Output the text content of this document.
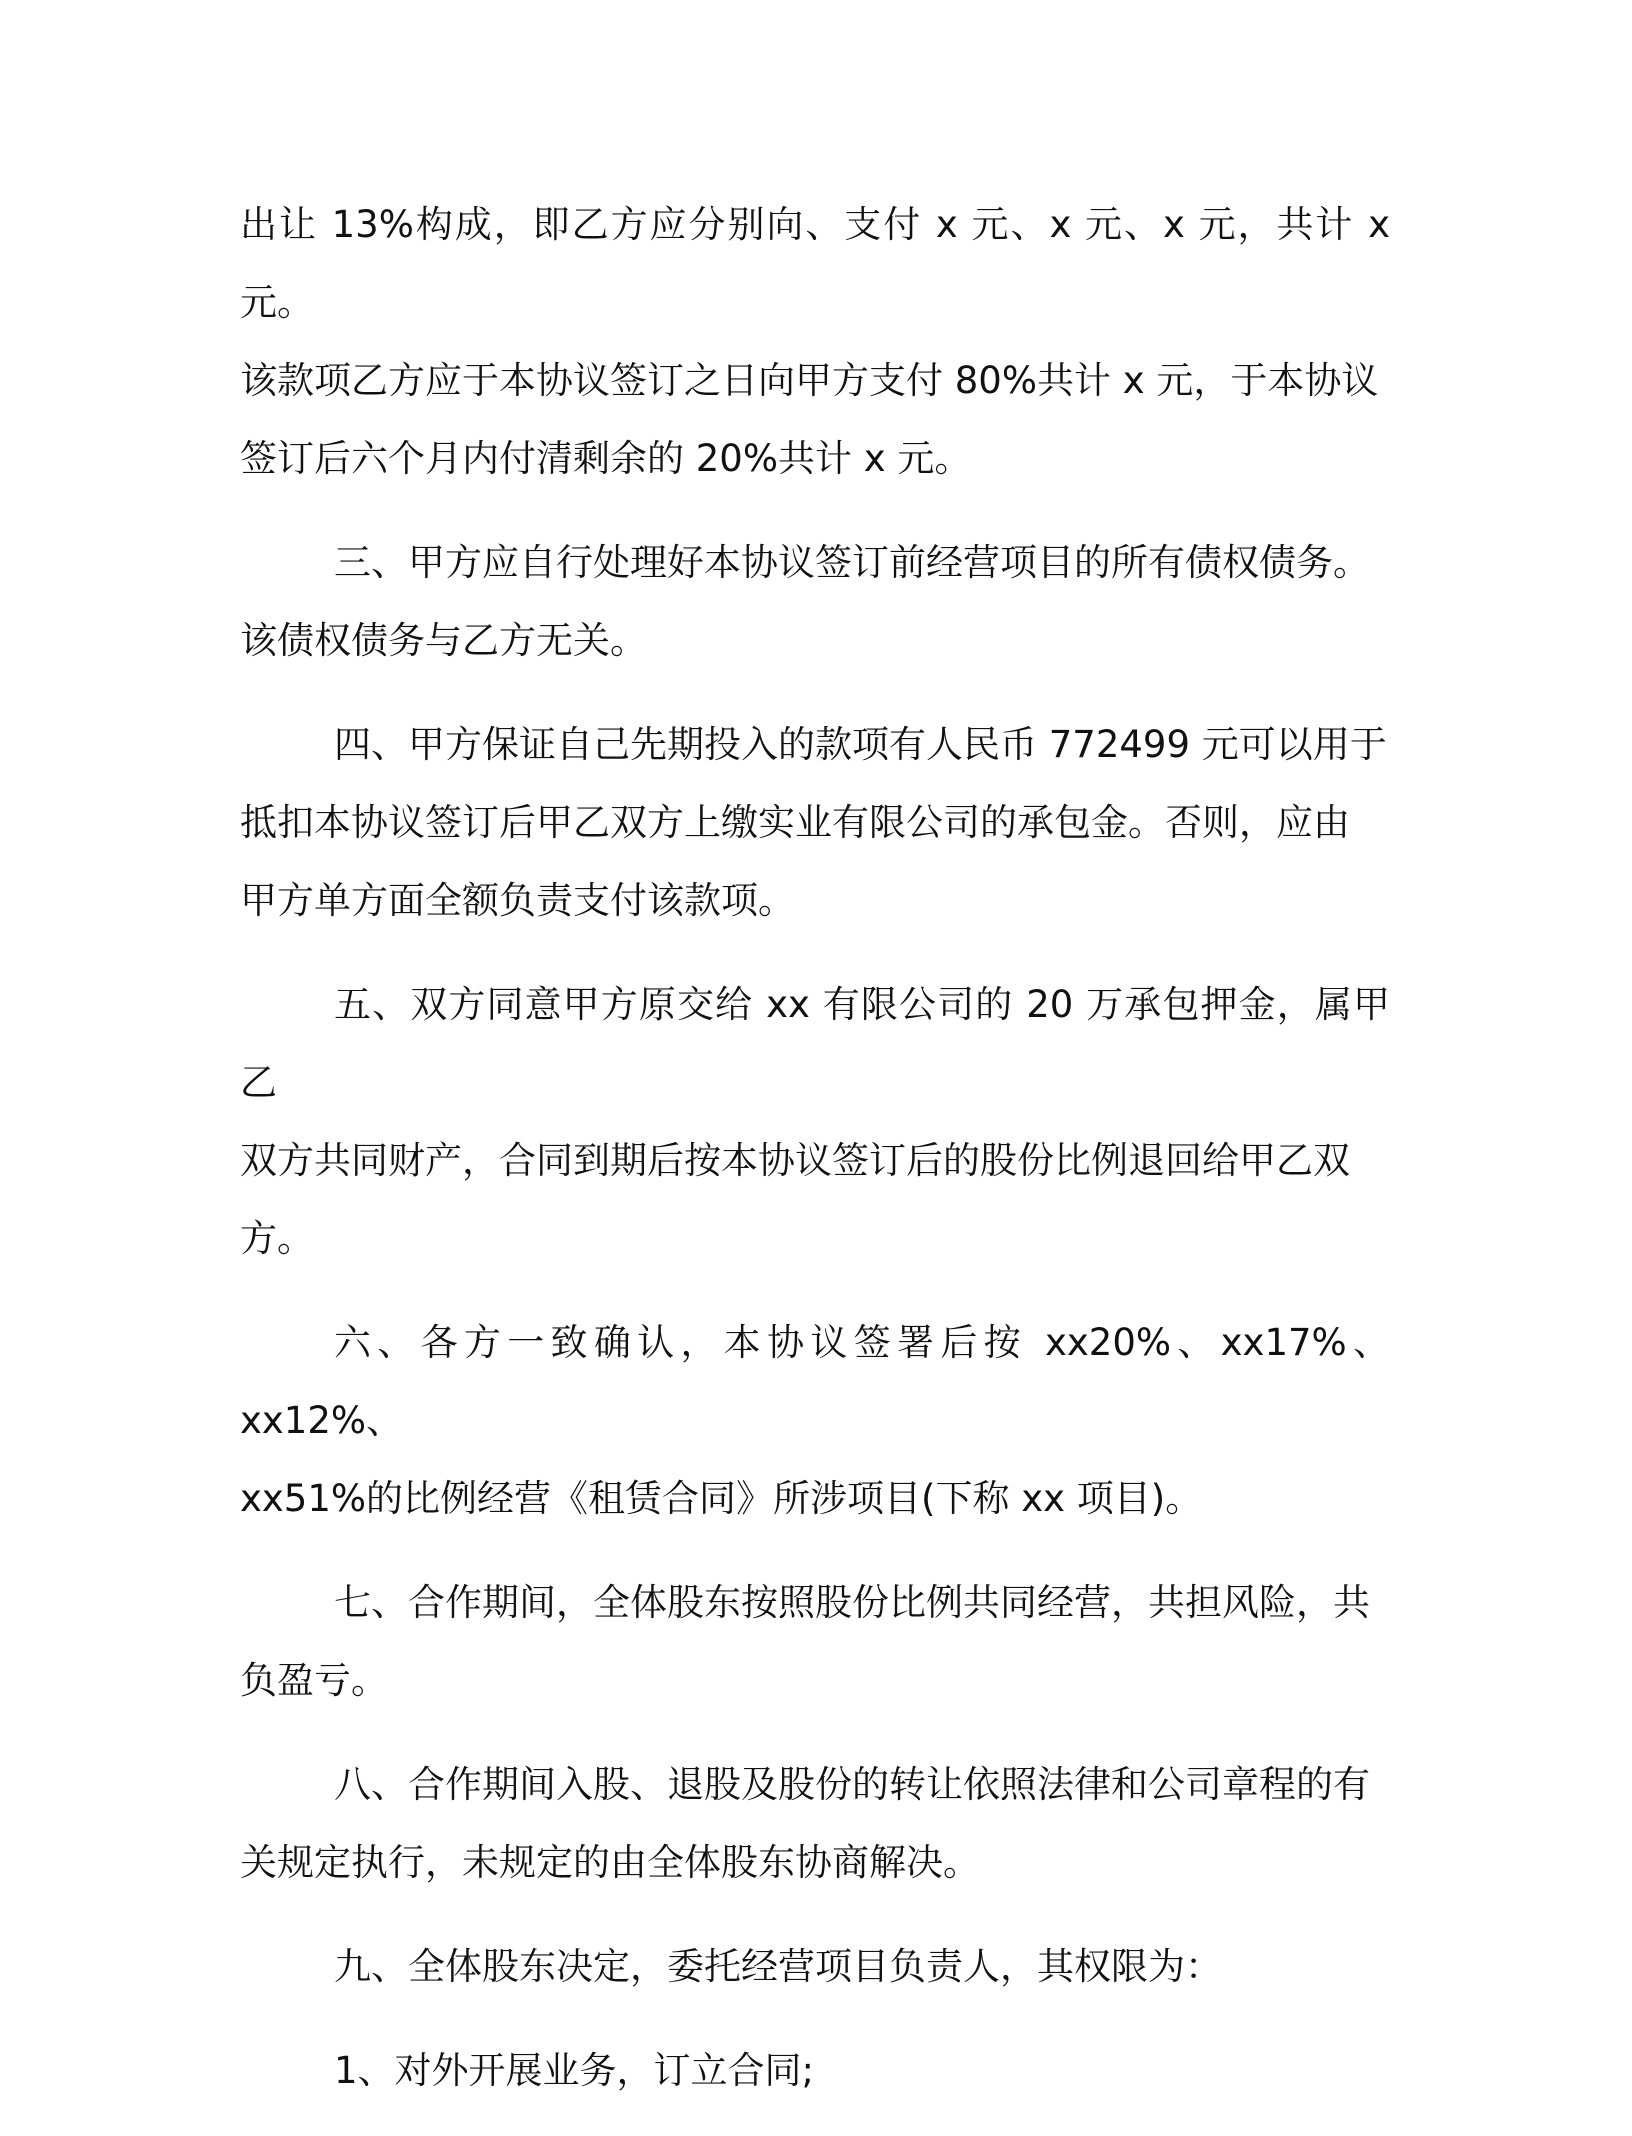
出让 13%构成，即乙方应分别向、支付 x 元、x 元、x 元，共计 x 元。
该款项乙方应于本协议签订之日向甲方支付 80%共计 x 元，于本协议
签订后六个月内付清剩余的 20%共计 x 元。

三、甲方应自行处理好本协议签订前经营项目的所有债权债务。
该债权债务与乙方无关。

四、甲方保证自己先期投入的款项有人民币 772499 元可以用于
抵扣本协议签订后甲乙双方上缴实业有限公司的承包金。否则，应由
甲方单方面全额负责支付该款项。

五、双方同意甲方原交给 xx 有限公司的 20 万承包押金，属甲乙
双方共同财产，合同到期后按本协议签订后的股份比例退回给甲乙双
方。

六、各方一致确认，本协议签署后按 xx20%、xx17%、xx12%、
xx51%的比例经营《租赁合同》所涉项目(下称 xx 项目)。

七、合作期间，全体股东按照股份比例共同经营，共担风险，共
负盈亏。

八、合作期间入股、退股及股份的转让依照法律和公司章程的有
关规定执行，未规定的由全体股东协商解决。

九、全体股东决定，委托经营项目负责人，其权限为：

1、对外开展业务，订立合同;
